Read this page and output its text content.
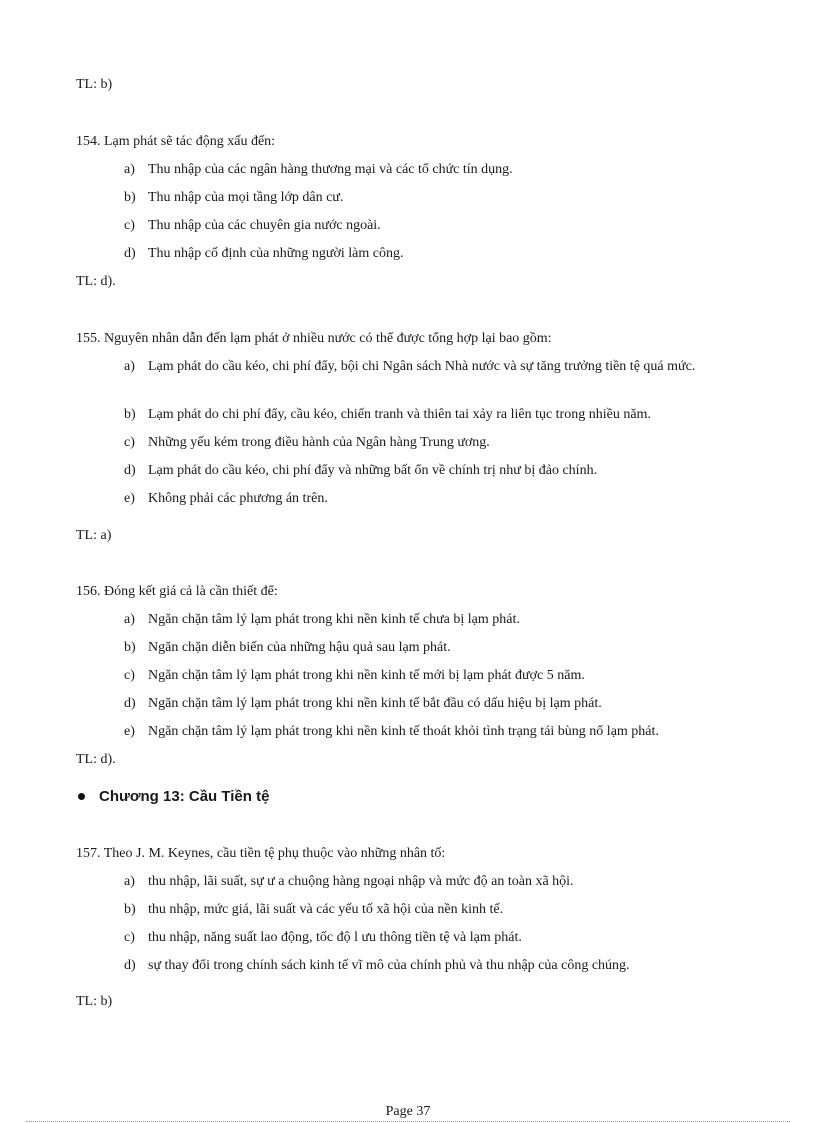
TL: b)
154. Lạm phát sẽ tác động xấu đến:
a) Thu nhập của các ngân hàng thương mại và các tổ chức tín dụng.
b) Thu nhập của mọi tầng lớp dân cư.
c) Thu nhập của các chuyên gia nước ngoài.
d) Thu nhập cố định của những người làm công.
TL: d).
155. Nguyên nhân dẫn đến lạm phát ở nhiều nước có thể được tổng hợp lại bao gồm:
a) Lạm phát do cầu kéo, chi phí đẩy, bội chi Ngân sách Nhà nước và sự tăng trưởng tiền tệ quá mức.
b) Lạm phát do chi phí đẩy, cầu kéo, chiến tranh và thiên tai xảy ra liên tục trong nhiều năm.
c) Những yếu kém trong điều hành của Ngân hàng Trung ương.
d) Lạm phát do cầu kéo, chi phí đẩy và những bất ổn về chính trị như bị đảo chính.
e) Không phải các phương án trên.
TL: a)
156. Đóng kết giá cả là cần thiết để:
a) Ngăn chặn tâm lý lạm phát trong khi nền kinh tế chưa bị lạm phát.
b) Ngăn chặn diễn biến của những hậu quả sau lạm phát.
c) Ngăn chặn tâm lý lạm phát trong khi nền kinh tế mới bị lạm phát được 5 năm.
d) Ngăn chặn tâm lý lạm phát trong khi nền kinh tế bắt đầu có dấu hiệu bị lạm phát.
e) Ngăn chặn tâm lý lạm phát trong khi nền kinh tế thoát khỏi tình trạng tái bùng nổ lạm phát.
TL: d).
Chương 13: Cầu Tiền tệ
157. Theo J. M. Keynes, cầu tiền tệ phụ thuộc vào những nhân tố:
a) thu nhập, lãi suất, sự ư a chuộng hàng ngoại nhập và mức độ an toàn xã hội.
b) thu nhập, mức giá, lãi suất và các yếu tố xã hội của nền kinh tế.
c) thu nhập, năng suất lao động, tốc độ l ưu thông tiền tệ và lạm phát.
d) sự thay đổi trong chính sách kinh tế vĩ mô của chính phủ và thu nhập của công chúng.
TL: b)
Page 37
